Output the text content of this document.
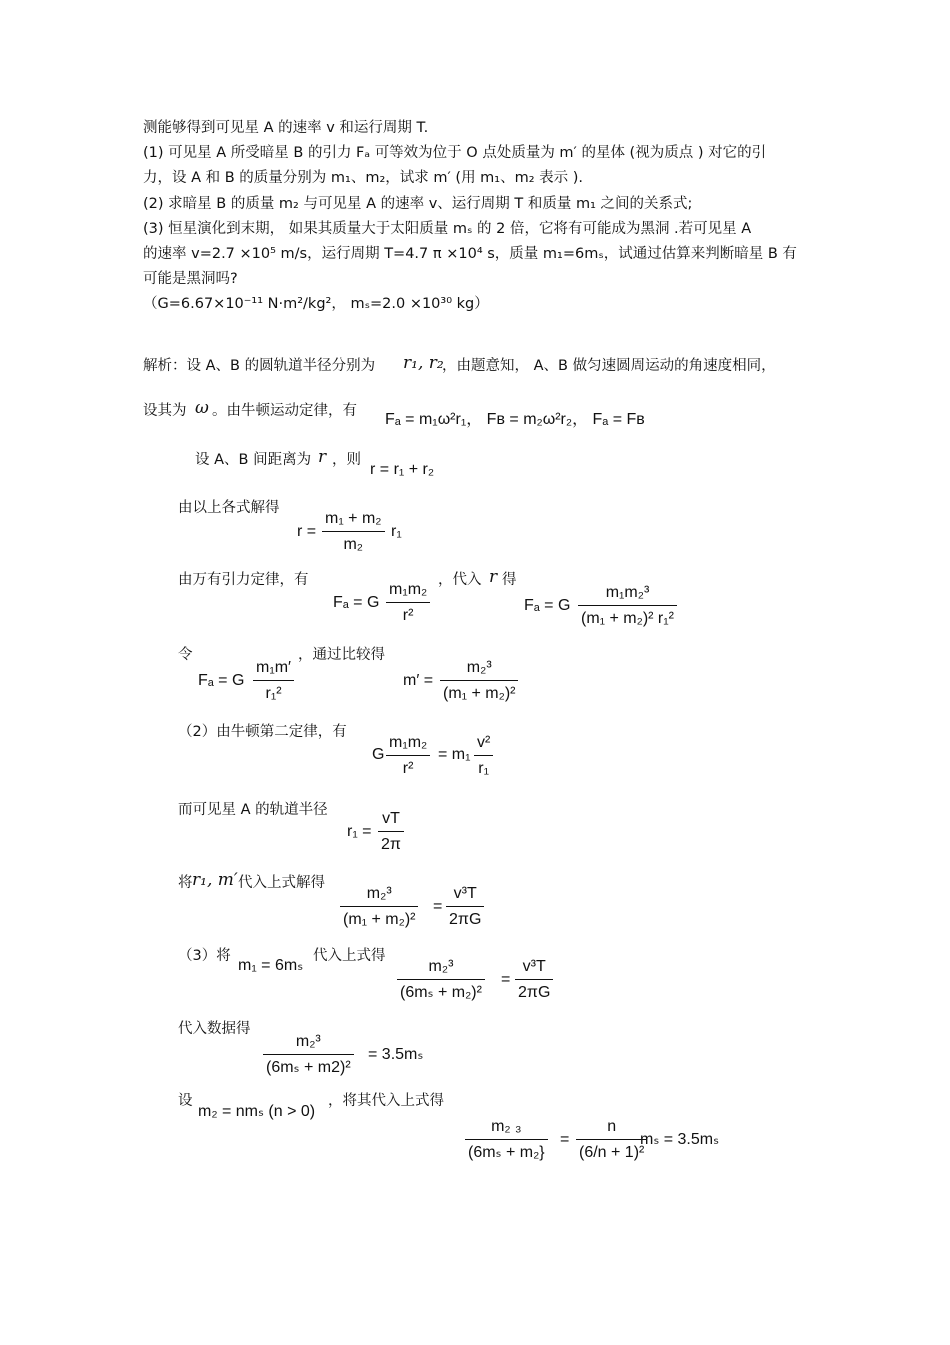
测能够得到可见星 A 的速率 v 和运行周期 T.
(1) 可见星 A 所受暗星 B 的引力 Fₐ 可等效为位于 O 点处质量为 m′ 的星体 (视为质点 ) 对它的引
力，设 A 和 B 的质量分别为 m₁、m₂，试求 m′ (用 m₁、m₂ 表示 ).
(2) 求暗星 B 的质量 m₂ 与可见星 A 的速率 v、运行周期 T 和质量 m₁ 之间的关系式;
(3) 恒星演化到末期， 如果其质量大于太阳质量 mₛ 的 2 倍，它将有可能成为黑洞 .若可见星 A
的速率 v=2.7 ×10⁵ m/s，运行周期 T=4.7 π ×10⁴ s，质量 m₁=6mₛ，试通过估算来判断暗星 B 有
可能是黑洞吗?
（G=6.67×10⁻¹¹ N·m²/kg²， mₛ=2.0 ×10³⁰ kg）
解析：设 A、B 的圆轨道半径分别为 r₁, r₂
，由题意知， A、B 做匀速圆周运动的角速度相同，
设其为 ω 。由牛顿运动定律，有 Fₐ = m₁ω²r₁， Fʙ = m₂ω²r₂， Fₐ = Fʙ
设 A、B 间距离为 r ，则
r = r₁ + r₂
由以上各式解得
r =
m₁ + m₂
m₂
r₁
由万有引力定律，有
Fₐ = G
m₁m₂
r²
，代入 r 得
Fₐ = G
m₁m₂³
(m₁ + m₂)² r₁²
令
Fₐ = G
m₁m′
r₁²
，通过比较得
m′ =
m₂³
(m₁ + m₂)²
（2）由牛顿第二定律，有
G
m₁m₂
r²
= m₁
v²
r₁
而可见星 A 的轨道半径
r₁ =
vT
2π
将 r₁, m′ 代入上式解得
m₂³
(m₁ + m₂)²
=
v³T
2πG
（3）将
m₁ = 6mₛ
代入上式得
m₂³
(6mₛ + m₂)²
=
v³T
2πG
代入数据得
m₂³
(6mₛ + m2)²
= 3.5mₛ
设
m₂ = nmₛ (n > 0)
，将其代入上式得
m₂ ₃
(6mₛ + m₂}
=
n
(6/n + 1)²
mₛ = 3.5mₛ
